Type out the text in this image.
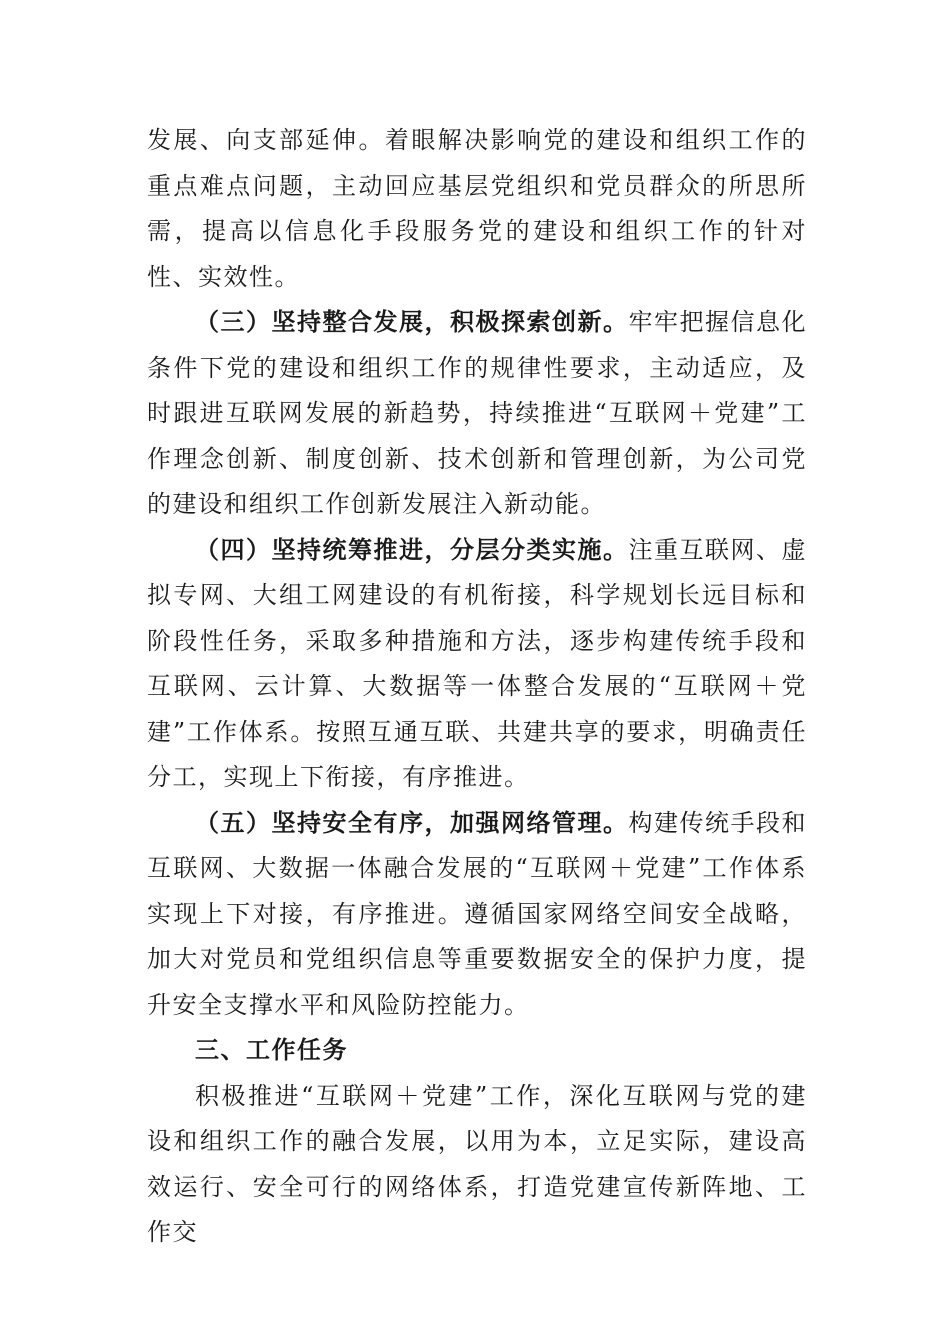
发展、向支部延伸。着眼解决影响党的建设和组织工作的重点难点问题，主动回应基层党组织和党员群众的所思所需，提高以信息化手段服务党的建设和组织工作的针对性、实效性。

（三）坚持整合发展，积极探索创新。牢牢把握信息化条件下党的建设和组织工作的规律性要求，主动适应，及时跟进互联网发展的新趋势，持续推进“互联网＋党建”工作理念创新、制度创新、技术创新和管理创新，为公司党的建设和组织工作创新发展注入新动能。

（四）坚持统筹推进，分层分类实施。注重互联网、虚拟专网、大组工网建设的有机衔接，科学规划长远目标和阶段性任务，采取多种措施和方法，逐步构建传统手段和互联网、云计算、大数据等一体整合发展的“互联网＋党建”工作体系。按照互通互联、共建共享的要求，明确责任分工，实现上下衔接，有序推进。

（五）坚持安全有序，加强网络管理。构建传统手段和互联网、大数据一体融合发展的“互联网＋党建”工作体系实现上下对接，有序推进。遵循国家网络空间安全战略，加大对党员和党组织信息等重要数据安全的保护力度，提升安全支撑水平和风险防控能力。

三、工作任务

积极推进“互联网＋党建”工作，深化互联网与党的建设和组织工作的融合发展，以用为本，立足实际，建设高效运行、安全可行的网络体系，打造党建宣传新阵地、工作交
